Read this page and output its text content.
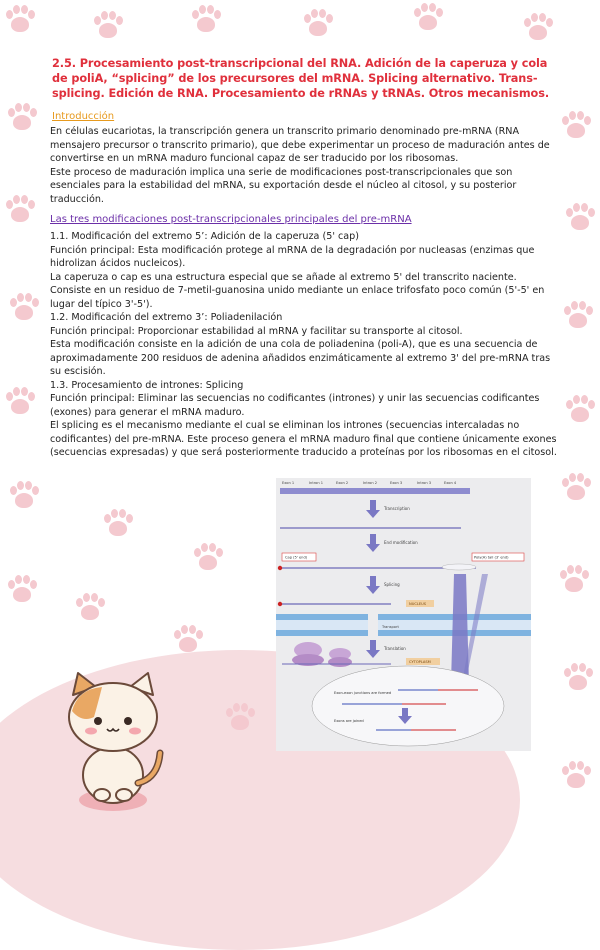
2.5. Procesamiento post-transcripcional del RNA. Adición de la caperuza y cola de poliA, “splicing” de los precursores del mRNA. Splicing alternativo. Trans-splicing. Edición de RNA. Procesamiento de rRNAs y tRNAs. Otros mecanismos.
Introducción

En células eucariotas, la transcripción genera un transcrito primario denominado pre-mRNA (RNA mensajero precursor o transcrito primario), que debe experimentar un proceso de maduración antes de convertirse en un mRNA maduro funcional capaz de ser traducido por los ribosomas.

Este proceso de maduración implica una serie de modificaciones post-transcripcionales que son esenciales para la estabilidad del mRNA, su exportación desde el núcleo al citosol, y su posterior traducción.

Las tres modificaciones post-transcripcionales principales del pre-mRNA

1.1. Modificación del extremo 5’: Adición de la caperuza (5' cap)

Función principal: Esta modificación protege al mRNA de la degradación por nucleasas (enzimas que hidrolizan ácidos nucleicos).

La caperuza o cap es una estructura especial que se añade al extremo 5' del transcrito naciente. Consiste en un residuo de 7-metil-guanosina unido mediante un enlace trifosfato poco común (5'-5' en lugar del típico 3'-5').

1.2. Modificación del extremo 3’: Poliadenilación

Función principal: Proporcionar estabilidad al mRNA y facilitar su transporte al citosol.

Esta modificación consiste en la adición de una cola de poliadenina (poli-A), que es una secuencia de aproximadamente 200 residuos de adenina añadidos enzimáticamente al extremo 3' del pre-mRNA tras su escisión.

1.3. Procesamiento de intrones: Splicing

Función principal: Eliminar las secuencias no codificantes (intrones) y unir las secuencias codificantes (exones) para generar el mRNA maduro.

El splicing es el mecanismo mediante el cual se eliminan los intrones (secuencias intercaladas no codificantes) del pre-mRNA. Este proceso genera el mRNA maduro final que contiene únicamente exones (secuencias expresadas) y que será posteriormente traducido a proteínas por los ribosomas en el citosol.

Exon 1	Intron 1	Exon 2	Intron 2	Exon 3	Intron 3	Exon 4
Transcription
End modification
Cap (5' end)	Poly(A) tail (3' end)
Splicing
NUCLEUS
Transport
Translation
CYTOPLASM
Exon-exon junctions are formed
Exons are joined
